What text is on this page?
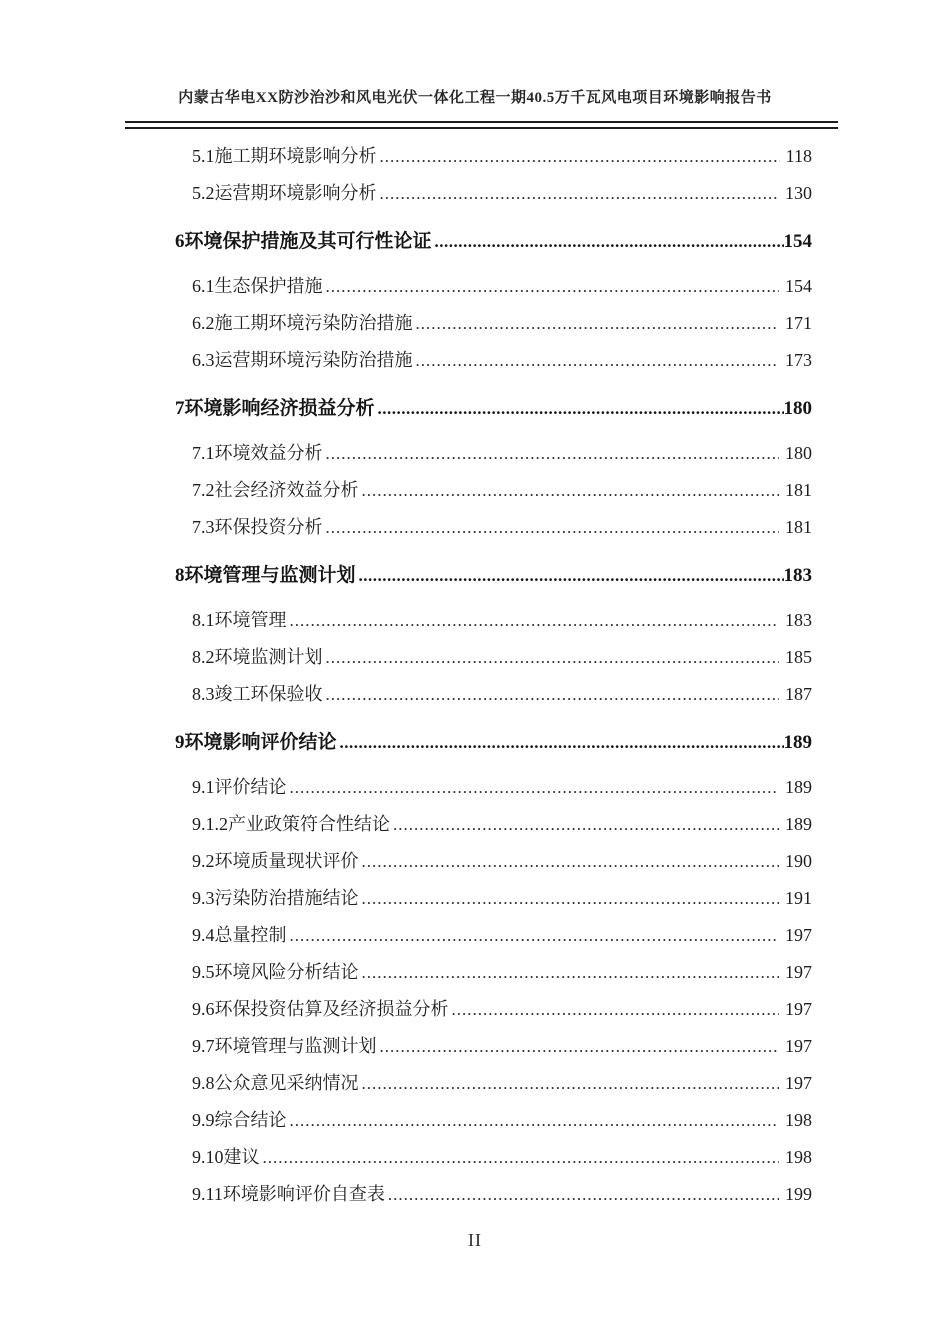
内蒙古华电XX防沙治沙和风电光伏一体化工程一期40.5万千瓦风电项目环境影响报告书
5.1施工期环境影响分析 .....	118
5.2运营期环境影响分析 .....	130
6环境保护措施及其可行性论证 .....	154
6.1生态保护措施 .....	154
6.2施工期环境污染防治措施 .....	171
6.3运营期环境污染防治措施 .....	173
7环境影响经济损益分析 .....	180
7.1环境效益分析 .....	180
7.2社会经济效益分析 .....	181
7.3环保投资分析 .....	181
8环境管理与监测计划 .....	183
8.1环境管理 .....	183
8.2环境监测计划 .....	185
8.3竣工环保验收 .....	187
9环境影响评价结论 .....	189
9.1评价结论 .....	189
9.1.2产业政策符合性结论 .....	189
9.2环境质量现状评价 .....	190
9.3污染防治措施结论 .....	191
9.4总量控制 .....	197
9.5环境风险分析结论 .....	197
9.6环保投资估算及经济损益分析 .....	197
9.7环境管理与监测计划 .....	197
9.8公众意见采纳情况 .....	197
9.9综合结论 .....	198
9.10建议 .....	198
9.11环境影响评价自查表 .....	199
II
